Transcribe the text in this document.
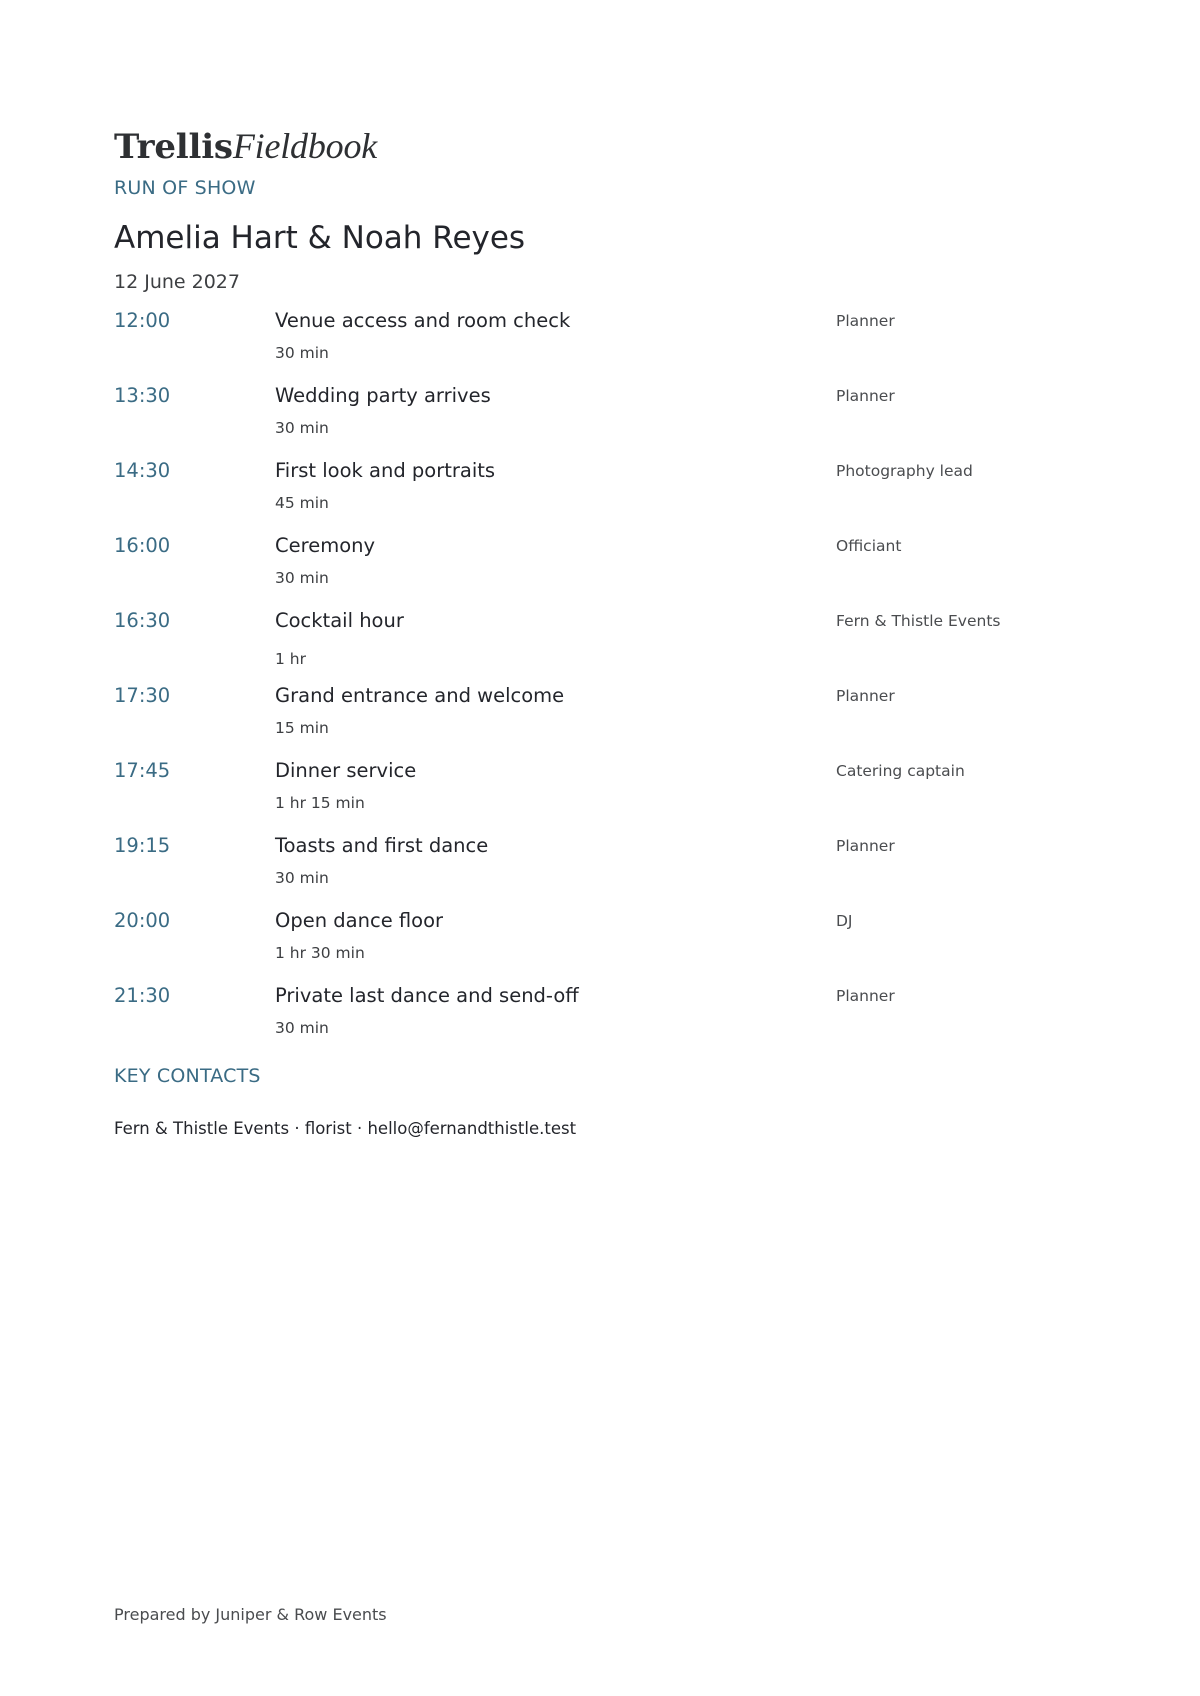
TrellisFieldbook
RUN OF SHOW
Amelia Hart & Noah Reyes
12 June 2027
12:00	Venue access and room check
30 min
Planner
13:30	Wedding party arrives
30 min
Planner
14:30	First look and portraits
45 min
Photography lead
16:00	Ceremony
30 min
Officiant
16:30	Cocktail hour
1 hr
Fern & Thistle Events
17:30	Grand entrance and welcome
15 min
Planner
17:45	Dinner service
1 hr 15 min
Catering captain
19:15	Toasts and first dance
30 min
Planner
20:00	Open dance floor
1 hr 30 min
DJ
21:30	Private last dance and send-off
30 min
Planner
KEY CONTACTS
Fern & Thistle Events · florist · hello@fernandthistle.test
Prepared by Juniper & Row Events
